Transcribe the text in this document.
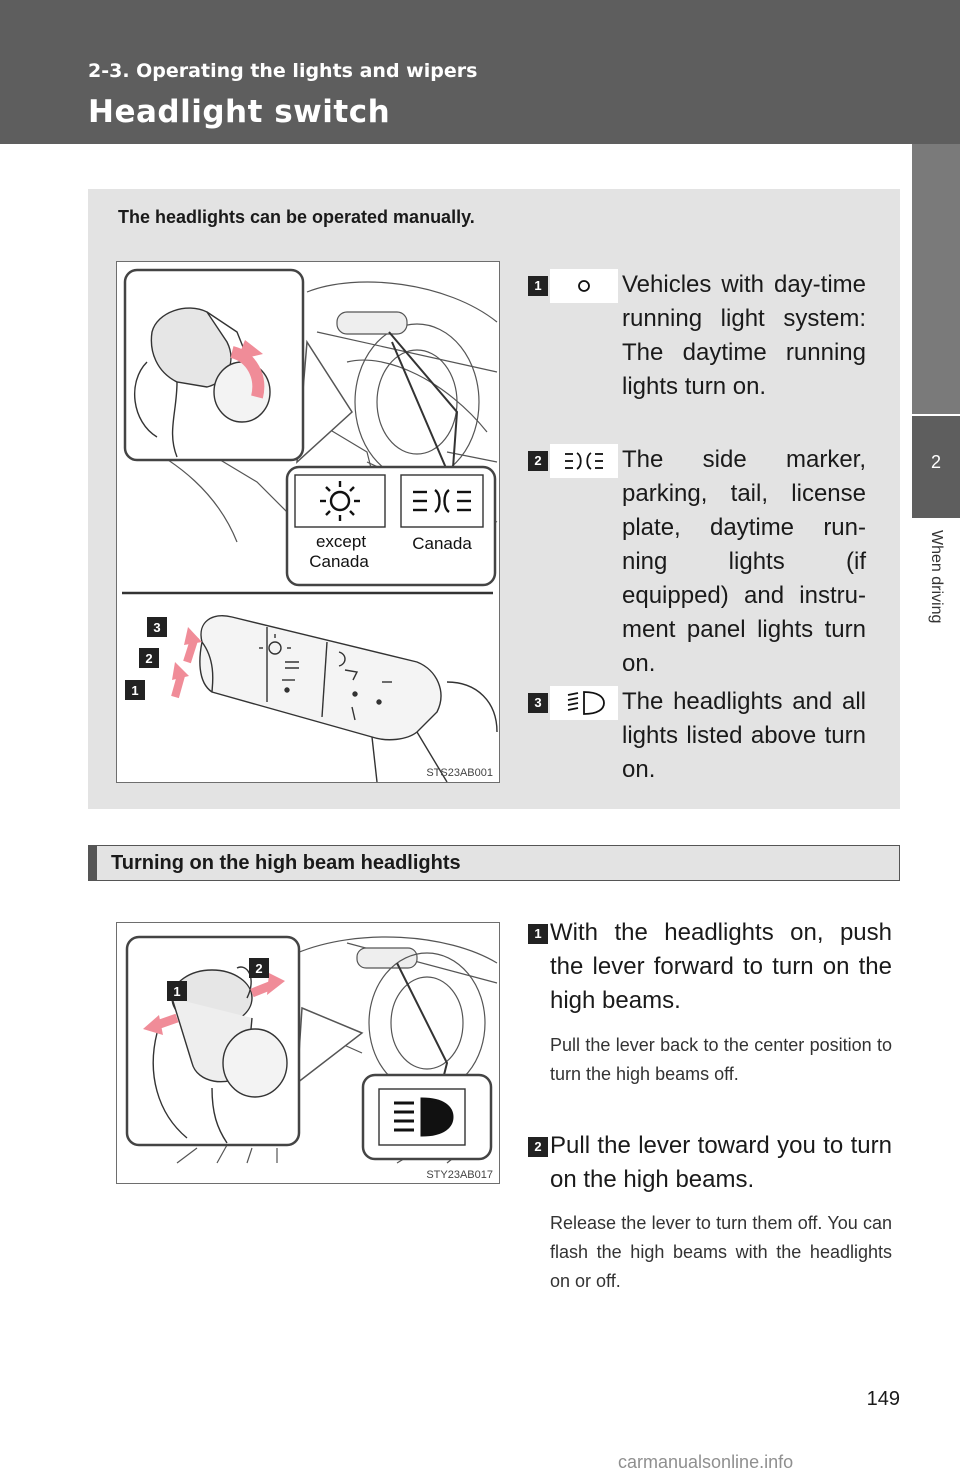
2-3. Operating the lights and wipers
Headlight switch
2
When driving
The headlights can be operated manually.
except
Canada
Canada
3
2
1
STS23AB001
1	Vehicles with day-time running light system: The daytime running lights turn on.
2	The side marker, parking, tail, license plate, daytime run-ning lights (if equipped) and instru-ment panel lights turn on.
3	The headlights and all lights listed above turn on.
Turning on the high beam headlights
1
2
STY23AB017
1 With the headlights on, push the lever forward to turn on the high beams.
Pull the lever back to the center position to turn the high beams off.
2 Pull the lever toward you to turn on the high beams.
Release the lever to turn them off. You can flash the high beams with the headlights on or off.
149
carmanualsonline.info
